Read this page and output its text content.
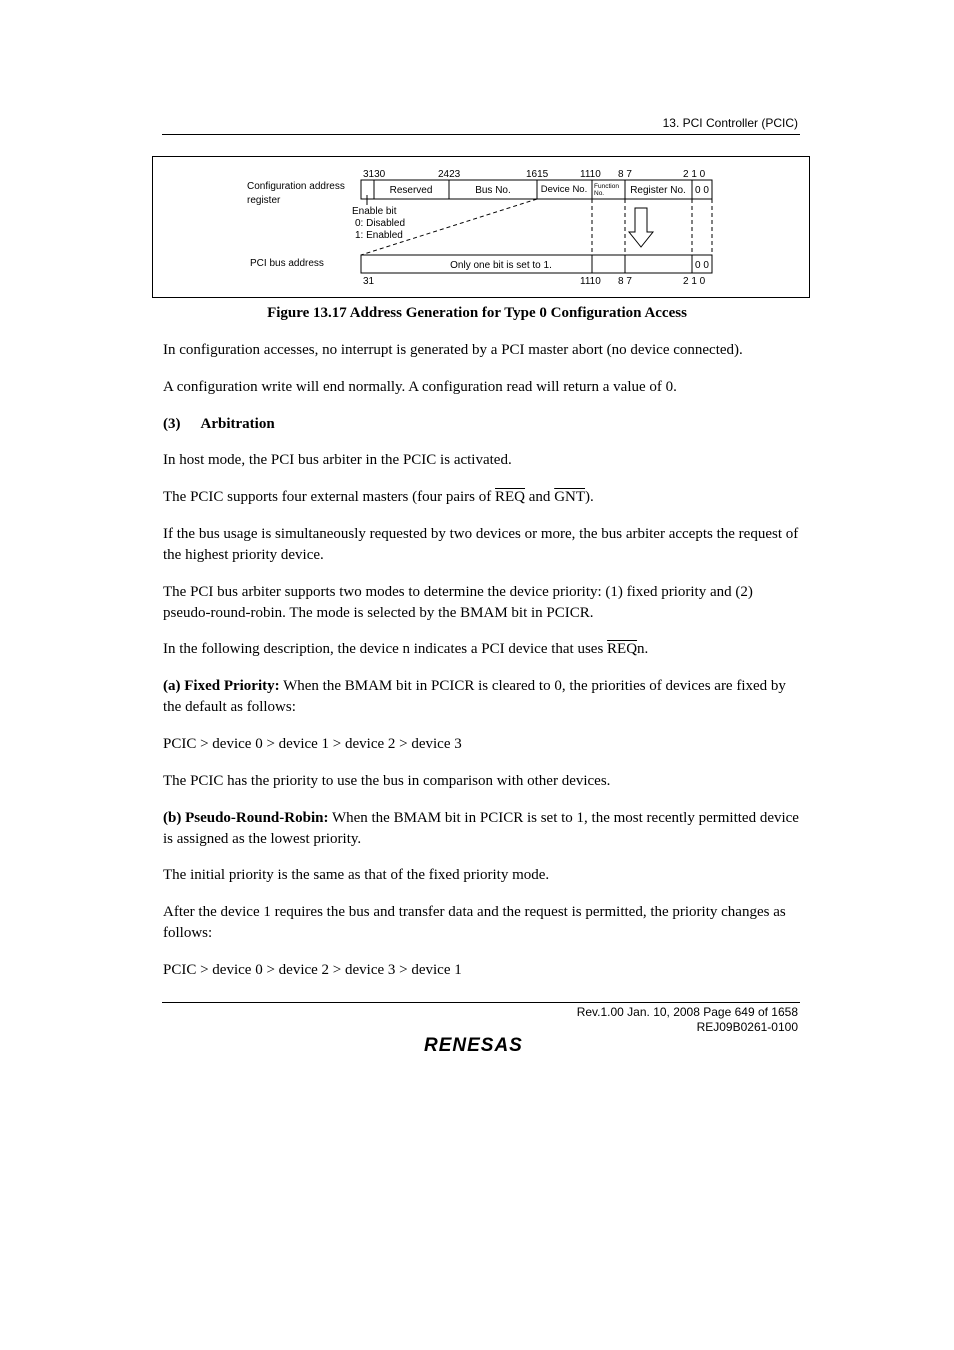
13. PCI Controller (PCIC)
3130	2423	1615	1110 8 7	2 1 0
Configuration address
register
Reserved	Bus No.	Device No. Function
No.	Register No. 0 0
Enable bit
0: Disabled
1: Enabled
PCI bus address	Only one bit is set to 1.	0 0
31	1110 8 7	2 1 0
Figure 13.17 Address Generation for Type 0 Configuration Access

In configuration accesses, no interrupt is generated by a PCI master abort (no device connected).

A configuration write will end normally. A configuration read will return a value of 0.

(3) Arbitration

In host mode, the PCI bus arbiter in the PCIC is activated.

The PCIC supports four external masters (four pairs of $\overline{REQ}$ and $\overline{GNT}$).

If the bus usage is simultaneously requested by two devices or more, the bus arbiter accepts the request of the highest priority device.

The PCI bus arbiter supports two modes to determine the device priority: (1) fixed priority and (2) pseudo-round-robin. The mode is selected by the BMAM bit in PCICR.

In the following description, the device n indicates a PCI device that uses $\overline{REQ}n$.

(a) Fixed Priority: When the BMAM bit in PCICR is cleared to 0, the priorities of devices are fixed by the default as follows:

PCIC > device 0 > device 1 > device 2 > device 3

The PCIC has the priority to use the bus in comparison with other devices.

(b) Pseudo-Round-Robin: When the BMAM bit in PCICR is set to 1, the most recently permitted device is assigned as the lowest priority.

The initial priority is the same as that of the fixed priority mode.

After the device 1 requires the bus and transfer data and the request is permitted, the priority changes as follows:

PCIC > device 0 > device 2 > device 3 > device 1

Rev.1.00 Jan. 10, 2008 Page 649 of 1658
REJ09B0261-0100
RENESAS
